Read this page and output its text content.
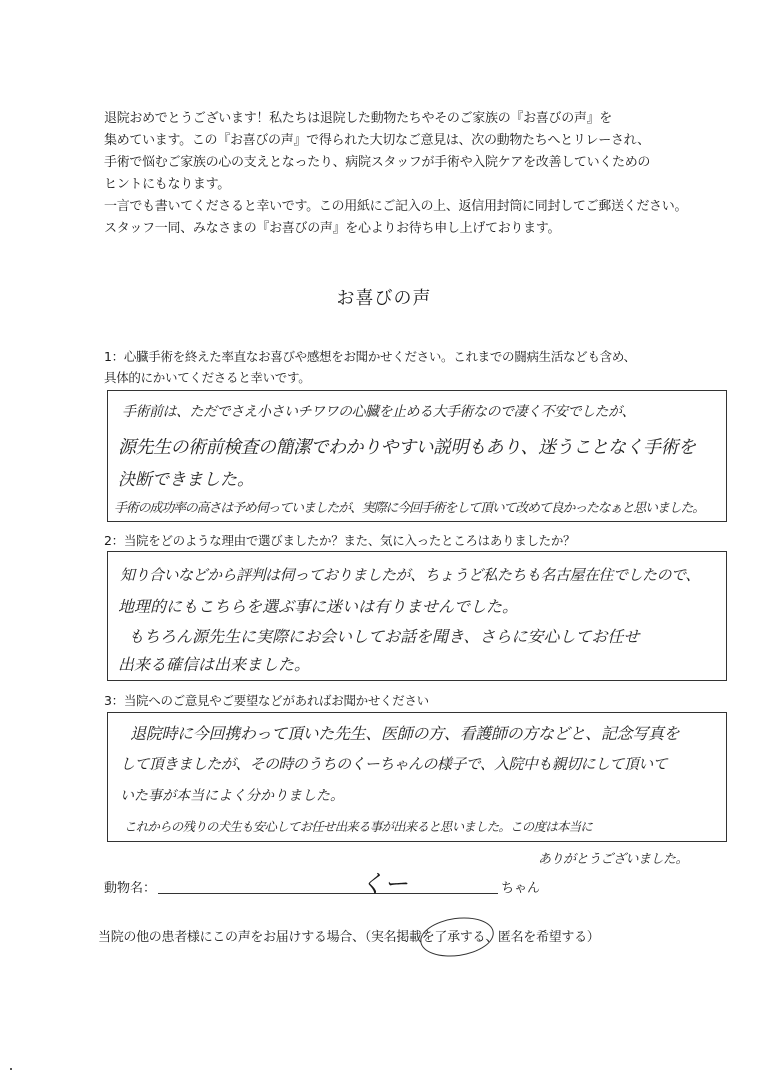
退院おめでとうございます！私たちは退院した動物たちやそのご家族の『お喜びの声』を

集めています。この『お喜びの声』で得られた大切なご意見は、次の動物たちへとリレーされ、

手術で悩むご家族の心の支えとなったり、病院スタッフが手術や入院ケアを改善していくための

ヒントにもなります。

一言でも書いてくださると幸いです。この用紙にご記入の上、返信用封筒に同封してご郵送ください。

スタッフ一同、みなさまの『お喜びの声』を心よりお待ち申し上げております。

お喜びの声

1：心臓手術を終えた率直なお喜びや感想をお聞かせください。これまでの闘病生活なども含め、

具体的にかいてくださると幸いです。

手術前は、ただでさえ小さいチワワの心臓を止める大手術なので凄く不安でしたが、
源先生の術前検査の簡潔でわかりやすい説明もあり、迷うことなく手術を
決断できました。
手術の成功率の高さは予め伺っていましたが、実際に今回手術をして頂いて改めて良かったなぁと思いました。

2：当院をどのような理由で選びましたか？また、気に入ったところはありましたか？

知り合いなどから評判は伺っておりましたが、ちょうど私たちも名古屋在住でしたので、
地理的にもこちらを選ぶ事に迷いは有りませんでした。
もちろん源先生に実際にお会いしてお話を聞き、さらに安心してお任せ
出来る確信は出来ました。

3：当院へのご意見やご要望などがあればお聞かせください

退院時に今回携わって頂いた先生、医師の方、看護師の方などと、記念写真を
して頂きましたが、その時のうちのくーちゃんの様子で、入院中も親切にして頂いて
いた事が本当によく分かりました。
これからの残りの犬生も安心してお任せ出来る事が出来ると思いました。この度は本当に
ありがとうございました。
動物名：	くー	ちゃん
当院の他の患者様にこの声をお届けする場合、（実名掲載を了承する、匿名を希望する）
